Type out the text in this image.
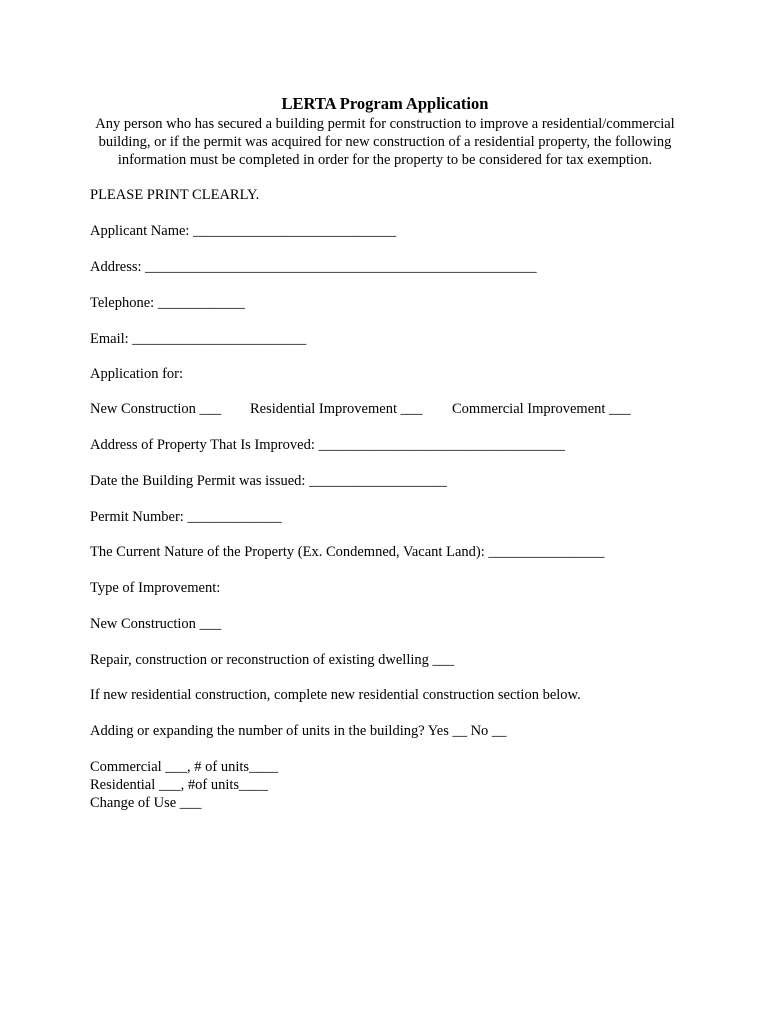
LERTA Program Application
Any person who has secured a building permit for construction to improve a residential/commercial building, or if the permit was acquired for new construction of a residential property, the following information must be completed in order for the property to be considered for tax exemption.
PLEASE PRINT CLEARLY.
Applicant Name: ____________________________
Address: ______________________________________________________
Telephone: ____________
Email: ________________________
Application for:
New Construction ___ Residential Improvement ___ Commercial Improvement ___
Address of Property That Is Improved: __________________________________
Date the Building Permit was issued: ___________________
Permit Number: _____________
The Current Nature of the Property (Ex. Condemned, Vacant Land): ________________
Type of Improvement:
New Construction ___
Repair, construction or reconstruction of existing dwelling ___
If new residential construction, complete new residential construction section below.
Adding or expanding the number of units in the building? Yes __ No __
Commercial ___, # of units____
Residential ___, #of units____
Change of Use ___
